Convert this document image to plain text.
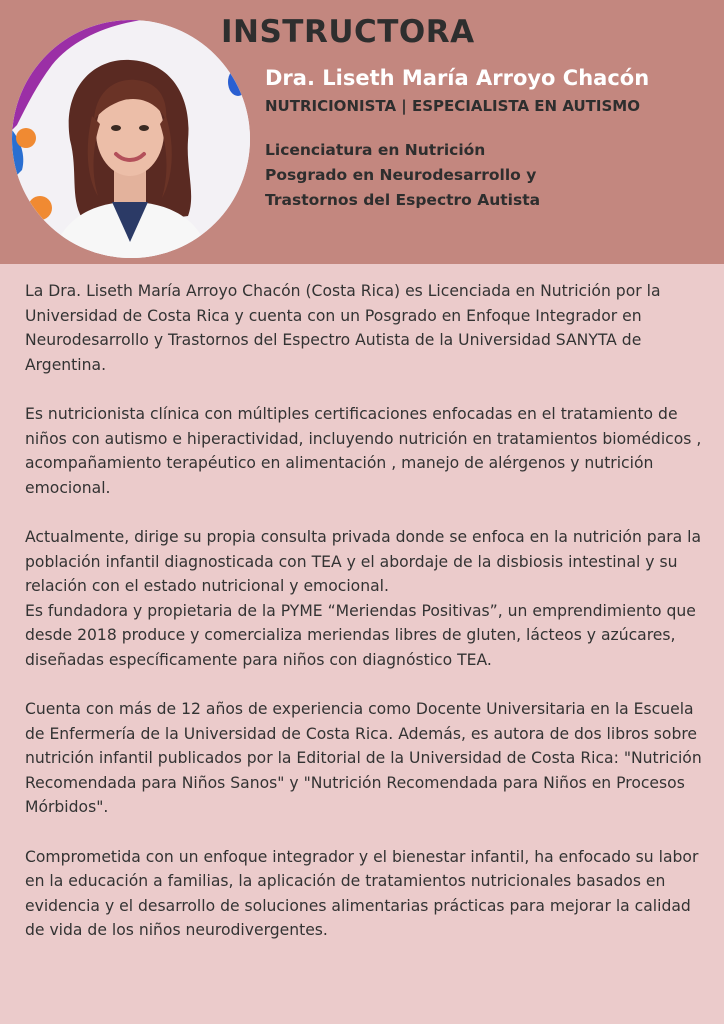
INSTRUCTORA
Dra. Liseth María Arroyo Chacón
NUTRICIONISTA | ESPECIALISTA EN AUTISMO
Licenciatura en Nutrición
Posgrado en Neurodesarrollo y
Trastornos del Espectro Autista

La Dra. Liseth María Arroyo Chacón (Costa Rica) es Licenciada en Nutrición por la Universidad de Costa Rica y cuenta con un Posgrado en Enfoque Integrador en Neurodesarrollo y Trastornos del Espectro Autista de la Universidad SANYTA de Argentina.

Es nutricionista clínica con múltiples certificaciones enfocadas en el tratamiento de niños con autismo e hiperactividad, incluyendo nutrición en tratamientos biomédicos , acompañamiento terapéutico en alimentación , manejo de alérgenos y nutrición emocional.

Actualmente, dirige su propia consulta privada donde se enfoca en la nutrición para la población infantil diagnosticada con TEA y el abordaje de la disbiosis intestinal y su relación con el estado nutricional y emocional.

Es fundadora y propietaria de la PYME “Meriendas Positivas”, un emprendimiento que desde 2018 produce y comercializa meriendas libres de gluten, lácteos y azúcares, diseñadas específicamente para niños con diagnóstico TEA.

Cuenta con más de 12 años de experiencia como Docente Universitaria en la Escuela de Enfermería de la Universidad de Costa Rica. Además, es autora de dos libros sobre nutrición infantil publicados por la Editorial de la Universidad de Costa Rica: "Nutrición Recomendada para Niños Sanos" y "Nutrición Recomendada para Niños en Procesos Mórbidos".

Comprometida con un enfoque integrador y el bienestar infantil, ha enfocado su labor en la educación a familias, la aplicación de tratamientos nutricionales basados en evidencia y el desarrollo de soluciones alimentarias prácticas para mejorar la calidad de vida de los niños neurodivergentes.
